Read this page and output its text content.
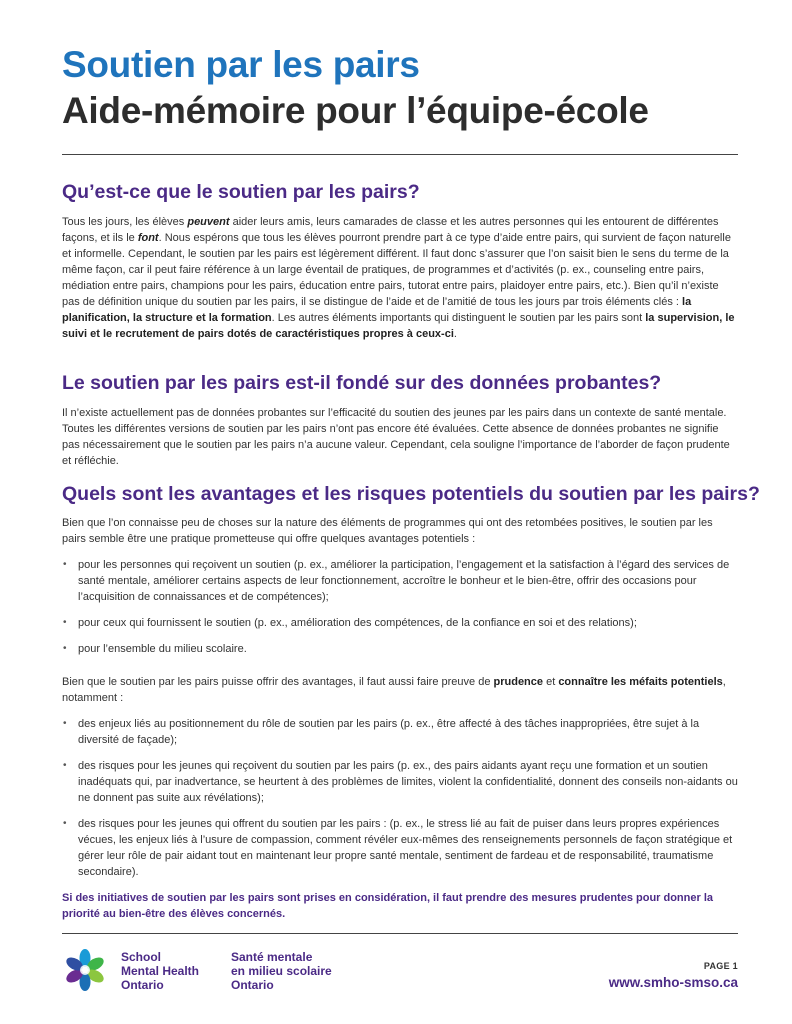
Soutien par les pairs
Aide-mémoire pour l’équipe-école
Qu’est-ce que le soutien par les pairs?

Tous les jours, les élèves peuvent aider leurs amis, leurs camarades de classe et les autres personnes qui les entourent de différentes façons, et ils le font. Nous espérons que tous les élèves pourront prendre part à ce type d’aide entre pairs, qui survient de façon naturelle et informelle. Cependant, le soutien par les pairs est légèrement différent. Il faut donc s’assurer que l’on saisit bien le sens du terme de la même façon, car il peut faire référence à un large éventail de pratiques, de programmes et d’activités (p. ex., counseling entre pairs, médiation entre pairs, champions pour les pairs, éducation entre pairs, tutorat entre pairs, plaidoyer entre pairs, etc.). Bien qu’il n’existe pas de définition unique du soutien par les pairs, il se distingue de l’aide et de l’amitié de tous les jours par trois éléments clés : la planification, la structure et la formation. Les autres éléments importants qui distinguent le soutien par les pairs sont la supervision, le suivi et le recrutement de pairs dotés de caractéristiques propres à ceux-ci.

Le soutien par les pairs est-il fondé sur des données probantes?

Il n’existe actuellement pas de données probantes sur l’efficacité du soutien des jeunes par les pairs dans un contexte de santé mentale. Toutes les différentes versions de soutien par les pairs n’ont pas encore été évaluées. Cette absence de données probantes ne signifie pas nécessairement que le soutien par les pairs n’a aucune valeur. Cependant, cela souligne l’importance de l’aborder de façon prudente et réfléchie.

Quels sont les avantages et les risques potentiels du soutien par les pairs?

Bien que l’on connaisse peu de choses sur la nature des éléments de programmes qui ont des retombées positives, le soutien par les pairs semble être une pratique prometteuse qui offre quelques avantages potentiels :

• pour les personnes qui reçoivent un soutien (p. ex., améliorer la participation, l’engagement et la satisfaction à l’égard des services de santé mentale, améliorer certains aspects de leur fonctionnement, accroître le bonheur et le bien-être, offrir des occasions pour l’acquisition de connaissances et de compétences);
• pour ceux qui fournissent le soutien (p. ex., amélioration des compétences, de la confiance en soi et des relations);
• pour l’ensemble du milieu scolaire.

Bien que le soutien par les pairs puisse offrir des avantages, il faut aussi faire preuve de prudence et connaître les méfaits potentiels, notamment :

• des enjeux liés au positionnement du rôle de soutien par les pairs (p. ex., être affecté à des tâches inappropriées, être sujet à la diversité de façade);
• des risques pour les jeunes qui reçoivent du soutien par les pairs (p. ex., des pairs aidants ayant reçu une formation et un soutien inadéquats qui, par inadvertance, se heurtent à des problèmes de limites, violent la confidentialité, donnent des conseils non-aidants ou ne donnent pas suite aux révélations);
• des risques pour les jeunes qui offrent du soutien par les pairs : (p. ex., le stress lié au fait de puiser dans leurs propres expériences vécues, les enjeux liés à l’usure de compassion, comment révéler eux-mêmes des renseignements personnels de façon stratégique et gérer leur rôle de pair aidant tout en maintenant leur propre santé mentale, sentiment de fardeau et de responsabilité, traumatisme secondaire).

Si des initiatives de soutien par les pairs sont prises en considération, il faut prendre des mesures prudentes pour donner la priorité au bien-être des élèves concernés.

School
Mental Health
Ontario
Santé mentale
en milieu scolaire
Ontario
PAGE 1
www.smho-smso.ca
